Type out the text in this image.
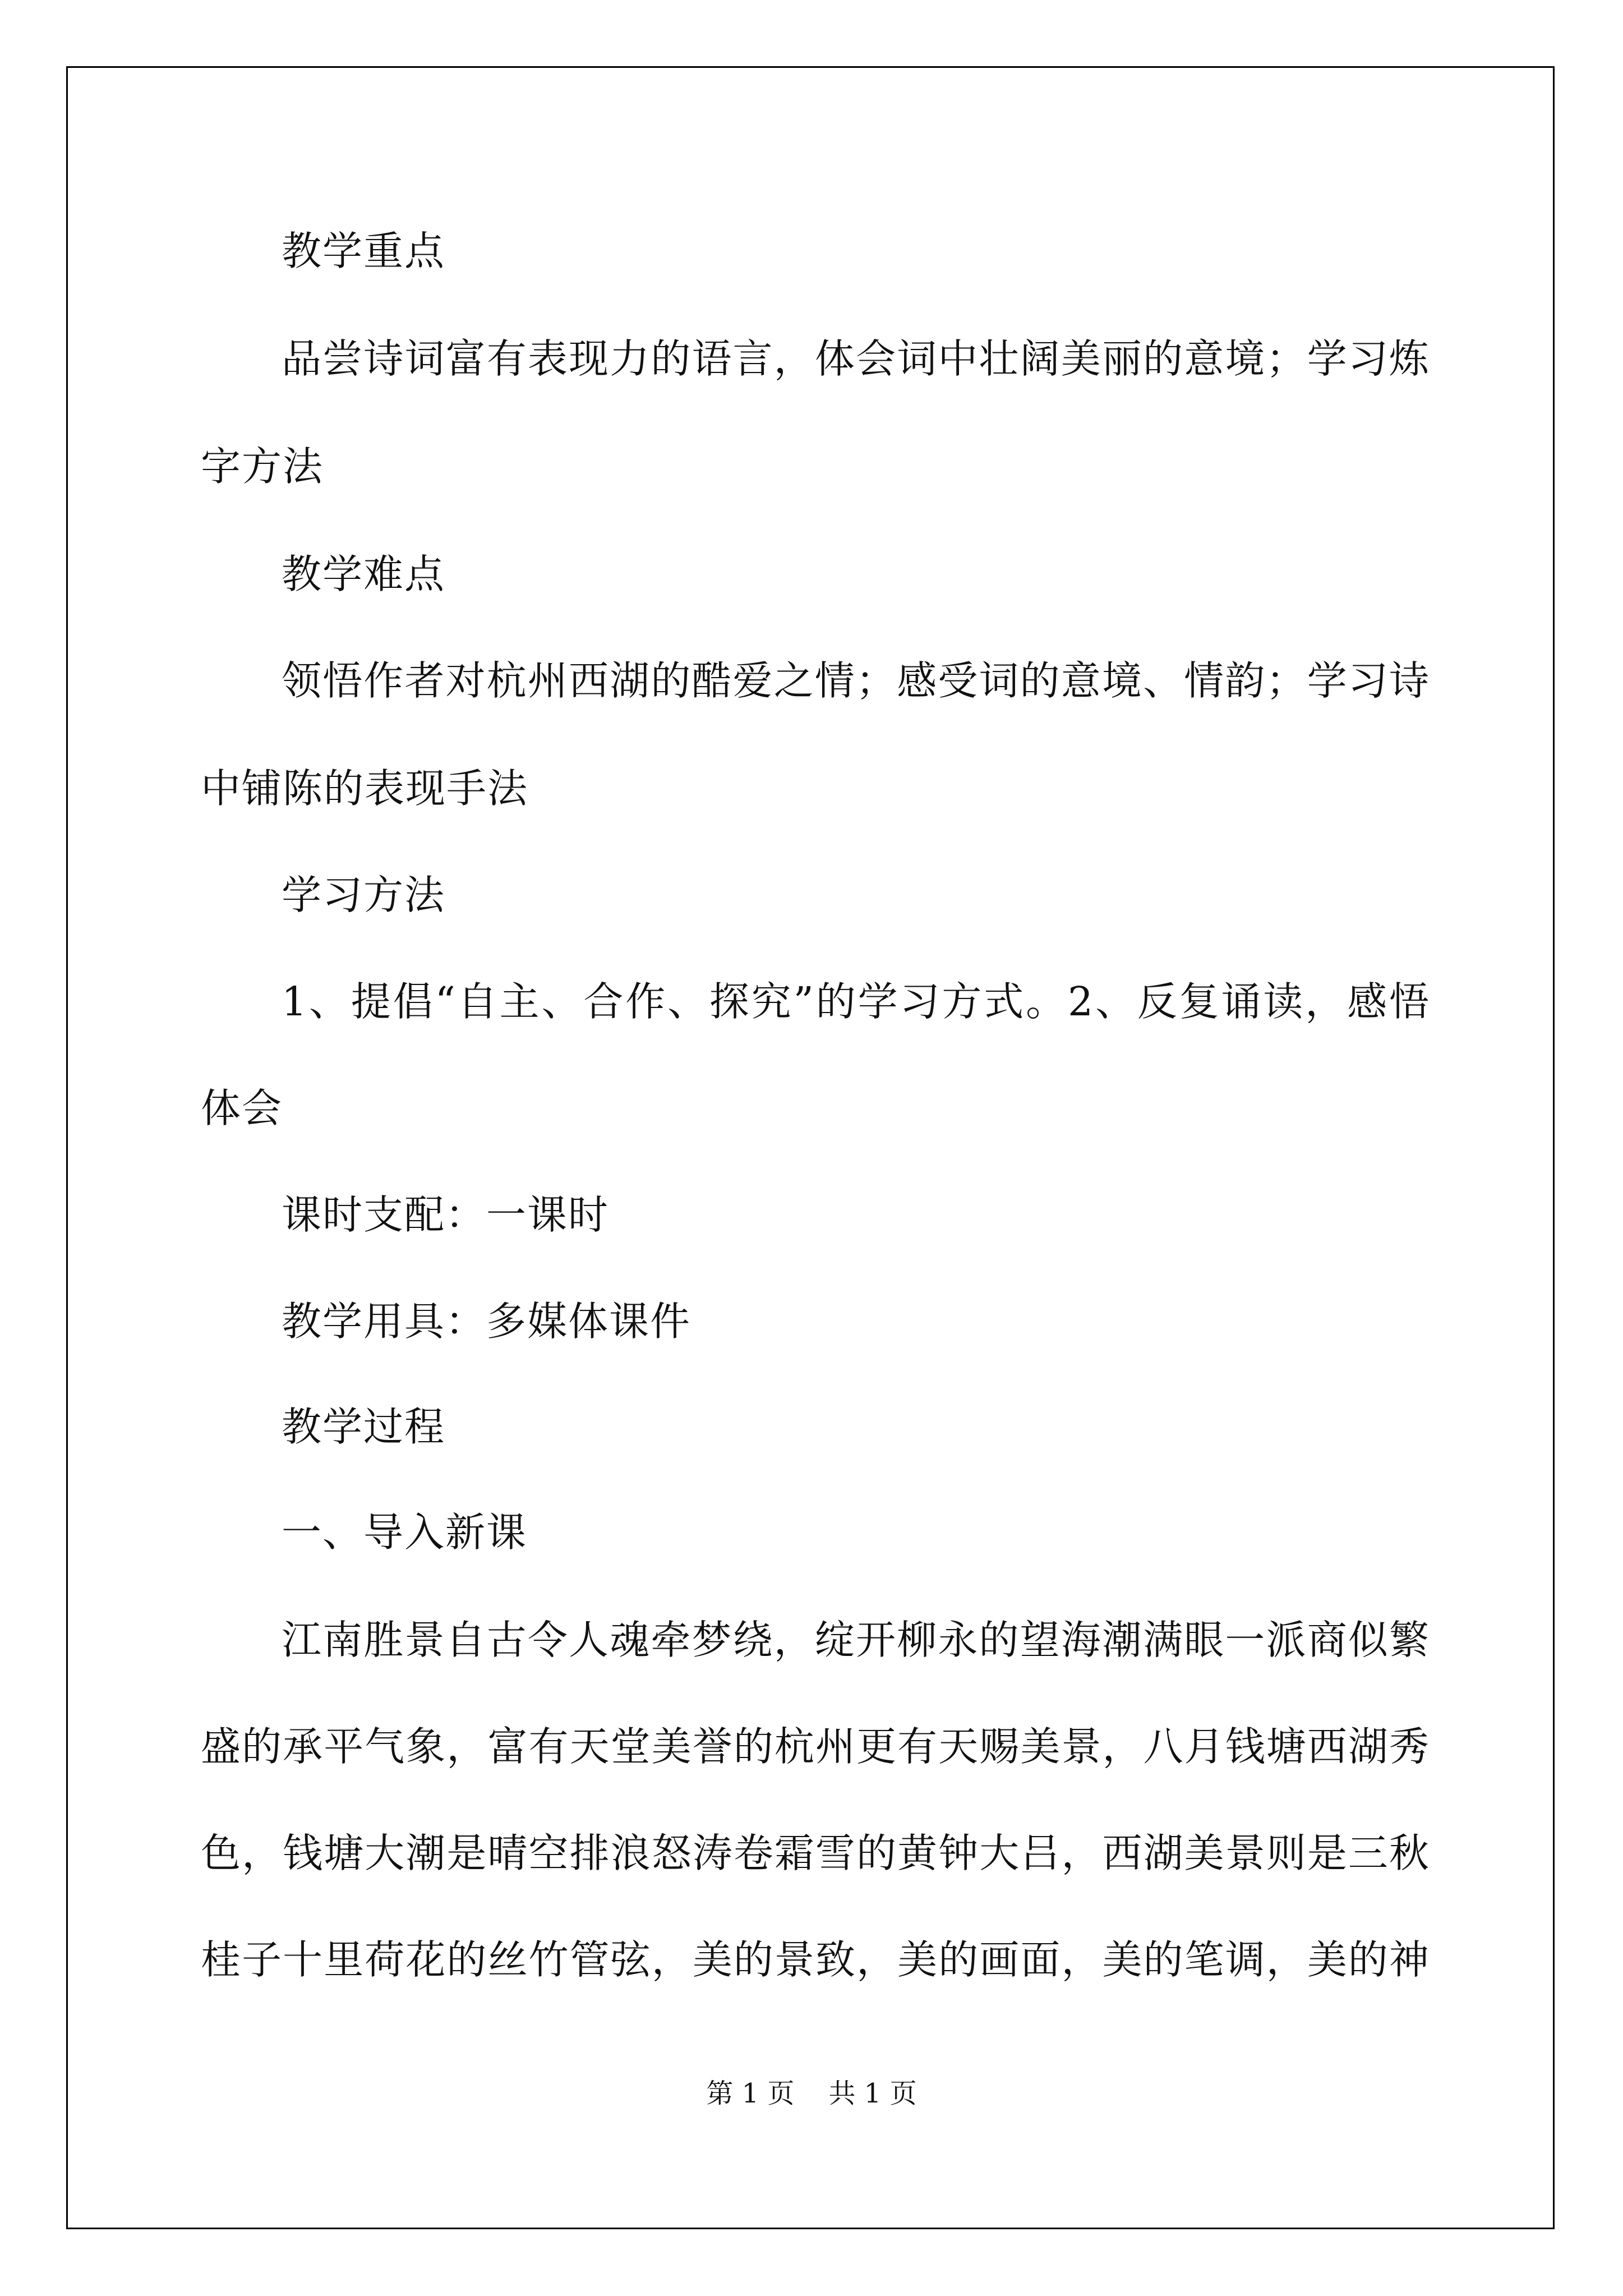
教学重点
品尝诗词富有表现力的语言，体会词中壮阔美丽的意境；学习炼
字方法
教学难点
领悟作者对杭州西湖的酷爱之情；感受词的意境、情韵；学习诗
中铺陈的表现手法
学习方法
1、提倡“自主、合作、探究”的学习方式。2、反复诵读，感悟
体会
课时支配：一课时
教学用具：多媒体课件
教学过程
一、导入新课
江南胜景自古令人魂牵梦绕，绽开柳永的望海潮满眼一派商似繁
盛的承平气象，富有天堂美誉的杭州更有天赐美景，八月钱塘西湖秀
色，钱塘大潮是晴空排浪怒涛卷霜雪的黄钟大吕，西湖美景则是三秋
桂子十里荷花的丝竹管弦，美的景致，美的画面，美的笔调，美的神
第 1 页    共 1 页
